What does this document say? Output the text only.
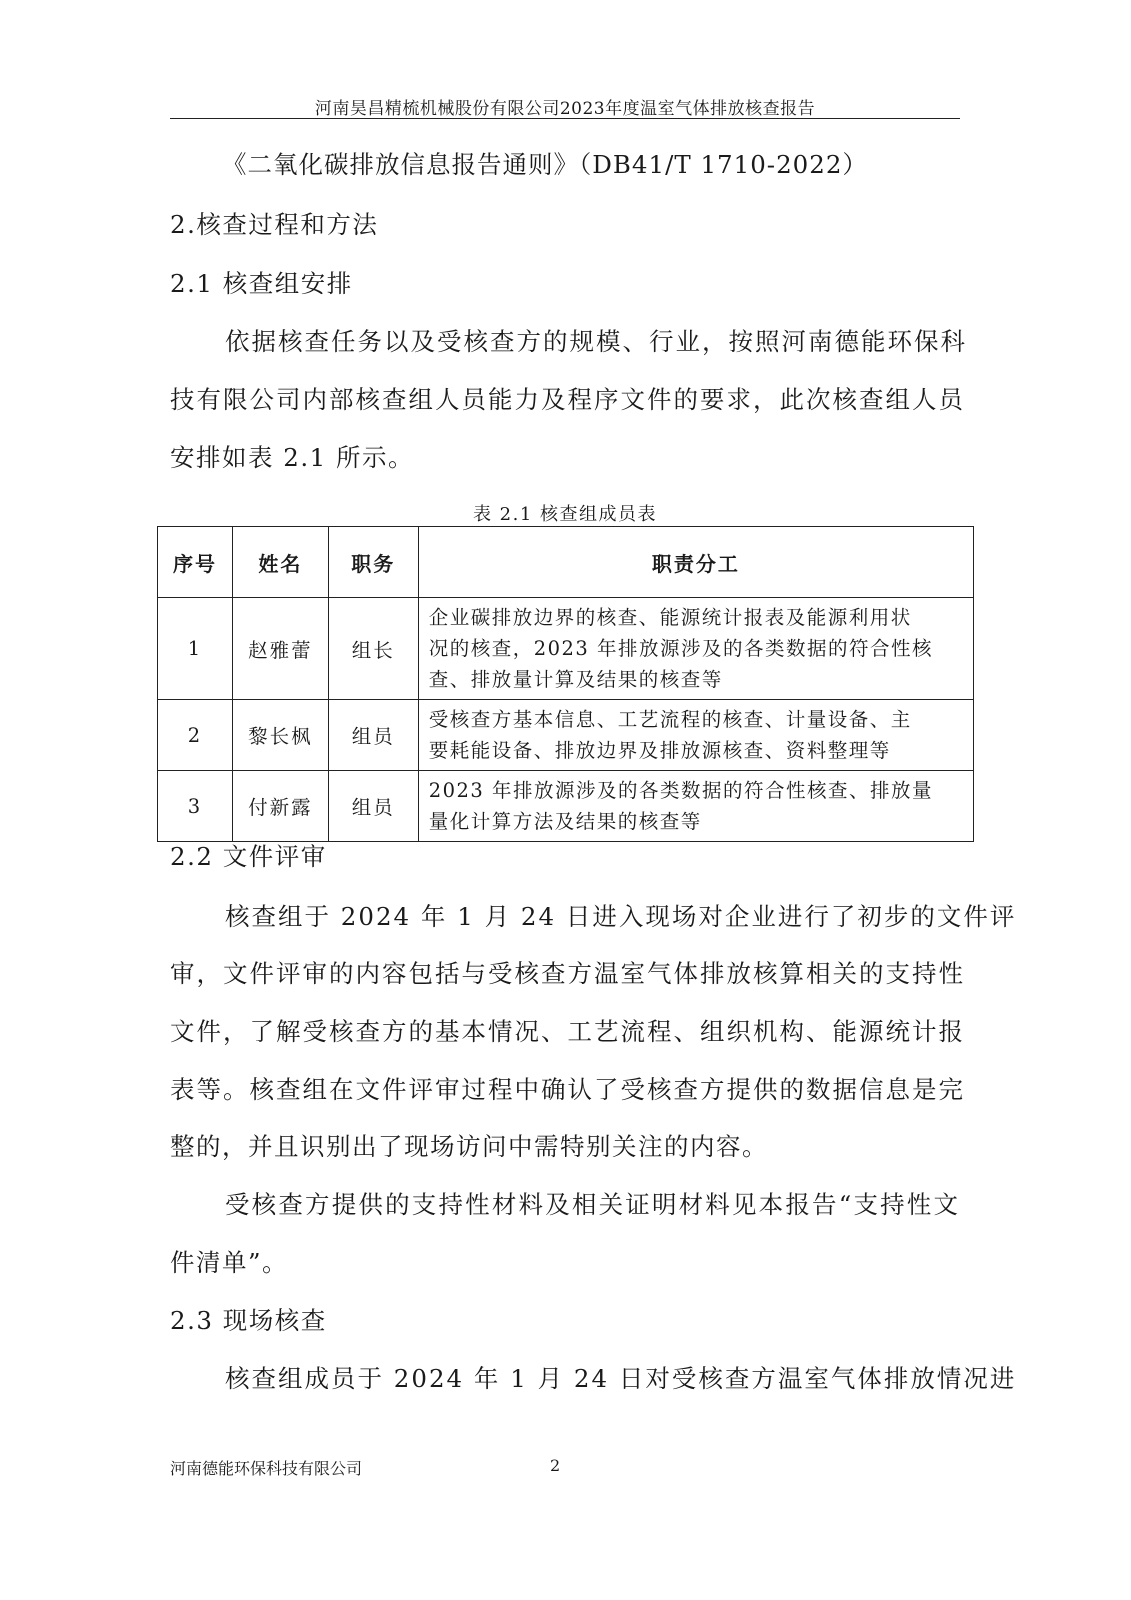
河南昊昌精梳机械股份有限公司2023年度温室气体排放核查报告
《二氧化碳排放信息报告通则》（DB41/T 1710-2022）
2.核查过程和方法
2.1 核查组安排
依据核查任务以及受核查方的规模、行业，按照河南德能环保科
技有限公司内部核查组人员能力及程序文件的要求，此次核查组人员
安排如表 2.1 所示。
表 2.1 核查组成员表
序号	姓名	职务	职责分工
1	赵雅蕾	组长	企业碳排放边界的核查、能源统计报表及能源利用状
况的核查，2023 年排放源涉及的各类数据的符合性核
查、排放量计算及结果的核查等

2	黎长枫	组员	受核查方基本信息、工艺流程的核查、计量设备、主
要耗能设备、排放边界及排放源核查、资料整理等

3	付新露	组员	2023 年排放源涉及的各类数据的符合性核查、排放量
量化计算方法及结果的核查等
2.2 文件评审
核查组于 2024 年 1 月 24 日进入现场对企业进行了初步的文件评
审，文件评审的内容包括与受核查方温室气体排放核算相关的支持性
文件，了解受核查方的基本情况、工艺流程、组织机构、能源统计报
表等。核查组在文件评审过程中确认了受核查方提供的数据信息是完
整的，并且识别出了现场访问中需特别关注的内容。
受核查方提供的支持性材料及相关证明材料见本报告“支持性文
件清单”。
2.3 现场核查
核查组成员于 2024 年 1 月 24 日对受核查方温室气体排放情况进
河南德能环保科技有限公司	2
